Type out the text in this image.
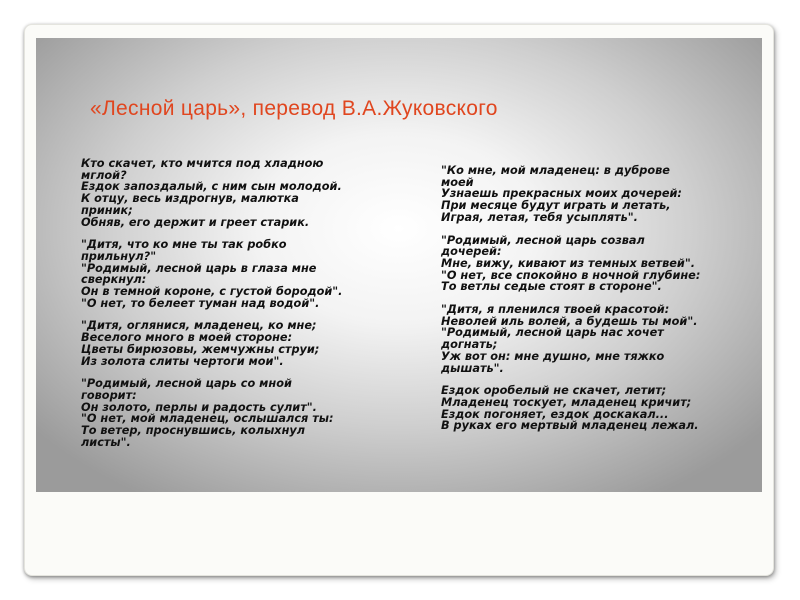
«Лесной царь», перевод В.А.Жуковского

Кто скачет, кто мчится под хладною
мглой?
Ездок запоздалый, с ним сын молодой.
К отцу, весь издрогнув, малютка
приник;
Обняв, его держит и греет старик.

"Дитя, что ко мне ты так робко
прильнул?"
"Родимый, лесной царь в глаза мне
сверкнул:
Он в темной короне, с густой бородой".
"О нет, то белеет туман над водой".

"Дитя, оглянися, младенец, ко мне;
Веселого много в моей стороне:
Цветы бирюзовы, жемчужны струи;
Из золота слиты чертоги мои".

"Родимый, лесной царь со мной
говорит:
Он золото, перлы и радость сулит".
"О нет, мой младенец, ослышался ты:
То ветер, проснувшись, колыхнул
листы".

"Ко мне, мой младенец: в дуброве
моей
Узнаешь прекрасных моих дочерей:
При месяце будут играть и летать,
Играя, летая, тебя усыплять".

"Родимый, лесной царь созвал
дочерей:
Мне, вижу, кивают из темных ветвей".
"О нет, все спокойно в ночной глубине:
То ветлы седые стоят в стороне".

"Дитя, я пленился твоей красотой:
Неволей иль волей, а будешь ты мой".
"Родимый, лесной царь нас хочет
догнать;
Уж вот он: мне душно, мне тяжко
дышать".

Ездок оробелый не скачет, летит;
Младенец тоскует, младенец кричит;
Ездок погоняет, ездок доскакал...
В руках его мертвый младенец лежал.
